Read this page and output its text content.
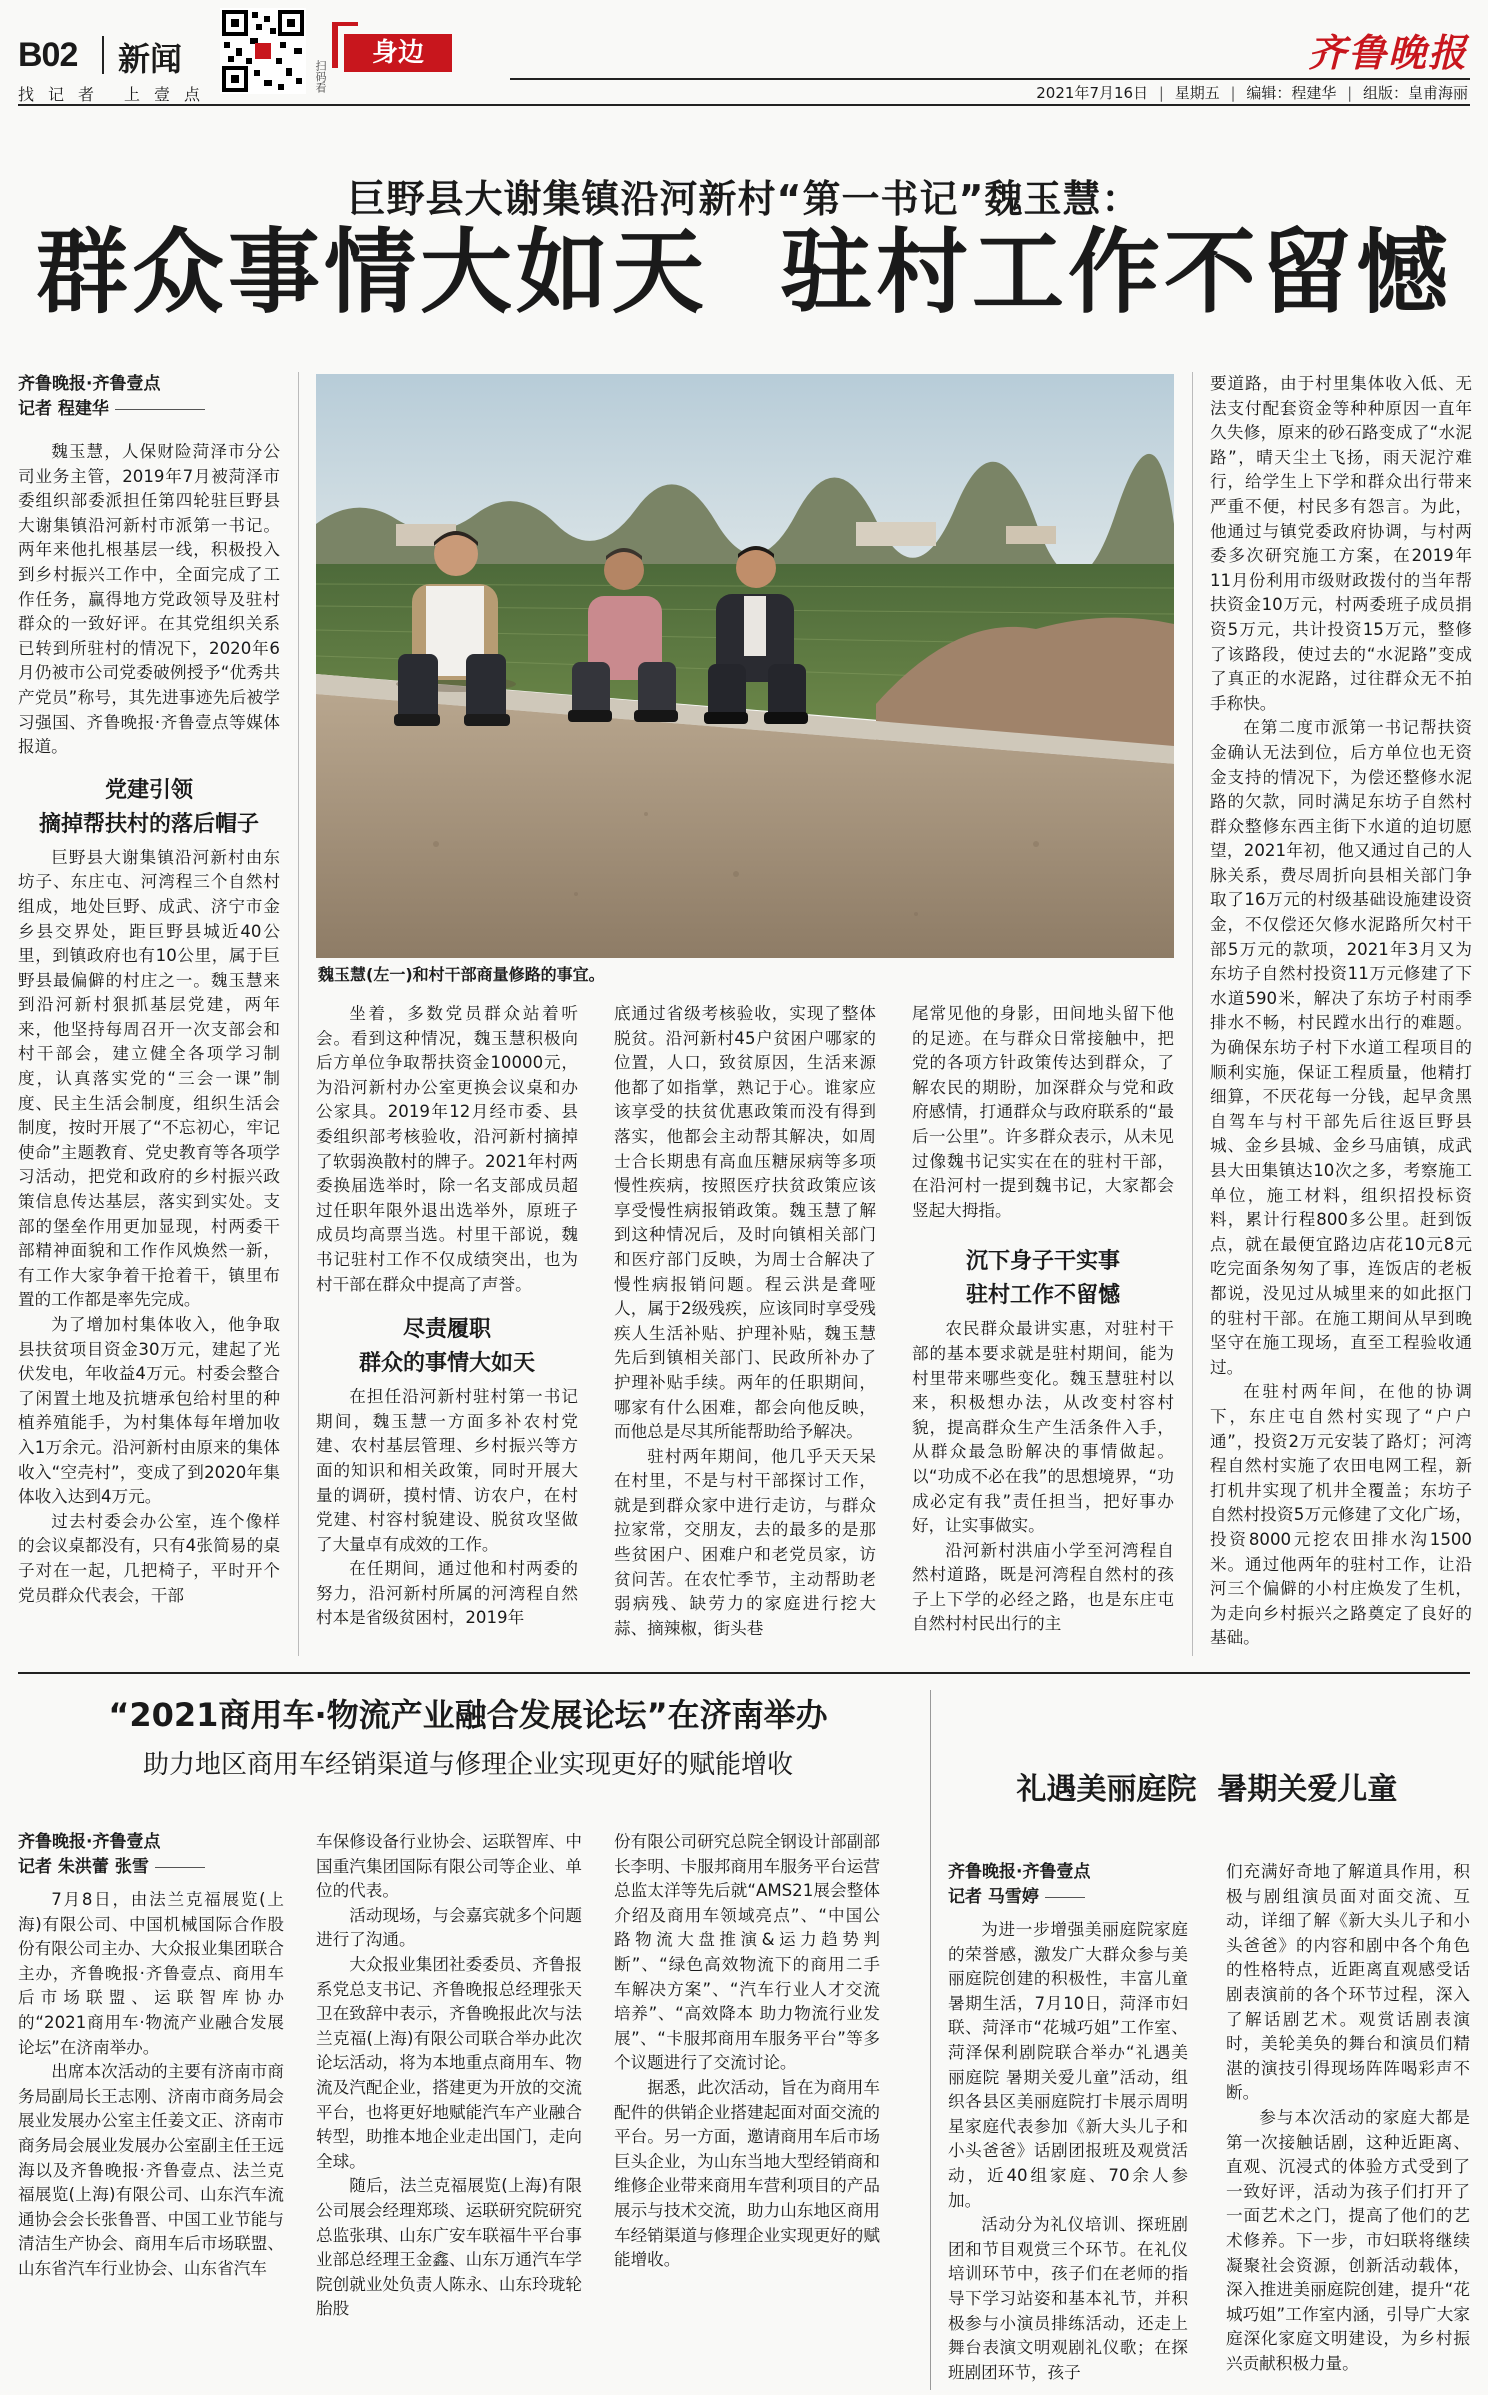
B02 新闻
找记者 上壹点
扫码看
身边	齐鲁晚报
2021年7月16日 | 星期五 | 编辑：程建华 | 组版：皇甫海丽
巨野县大谢集镇沿河新村“第一书记”魏玉慧：
群众事情大如天  驻村工作不留憾
齐鲁晚报·齐鲁壹点
记者 程建华
魏玉慧(左一)和村干部商量修路的事宜。

魏玉慧，人保财险菏泽市分公司业务主管，2019年7月被菏泽市委组织部委派担任第四轮驻巨野县大谢集镇沿河新村市派第一书记。两年来他扎根基层一线，积极投入到乡村振兴工作中，全面完成了工作任务，赢得地方党政领导及驻村群众的一致好评。在其党组织关系已转到所驻村的情况下，2020年6月仍被市公司党委破例授予“优秀共产党员”称号，其先进事迹先后被学习强国、齐鲁晚报·齐鲁壹点等媒体报道。

党建引领

摘掉帮扶村的落后帽子

巨野县大谢集镇沿河新村由东坊子、东庄屯、河湾程三个自然村组成，地处巨野、成武、济宁市金乡县交界处，距巨野县城近40公里，到镇政府也有10公里，属于巨野县最偏僻的村庄之一。魏玉慧来到沿河新村狠抓基层党建，两年来，他坚持每周召开一次支部会和村干部会，建立健全各项学习制度，认真落实党的“三会一课”制度、民主生活会制度，组织生活会制度，按时开展了“不忘初心，牢记使命”主题教育、党史教育等各项学习活动，把党和政府的乡村振兴政策信息传达基层，落实到实处。支部的堡垒作用更加显现，村两委干部精神面貌和工作作风焕然一新，有工作大家争着干抢着干，镇里布置的工作都是率先完成。

为了增加村集体收入，他争取县扶贫项目资金30万元，建起了光伏发电，年收益4万元。村委会整合了闲置土地及抗塘承包给村里的种植养殖能手，为村集体每年增加收入1万余元。沿河新村由原来的集体收入“空壳村”，变成了到2020年集体收入达到4万元。

过去村委会办公室，连个像样的会议桌都没有，只有4张简易的桌子对在一起，几把椅子，平时开个党员群众代表会，干部

坐着，多数党员群众站着听会。看到这种情况，魏玉慧积极向后方单位争取帮扶资金10000元，为沿河新村办公室更换会议桌和办公家具。2019年12月经市委、县委组织部考核验收，沿河新村摘掉了软弱涣散村的牌子。2021年村两委换届选举时，除一名支部成员超过任职年限外退出选举外，原班子成员均高票当选。村里干部说，魏书记驻村工作不仅成绩突出，也为村干部在群众中提高了声誉。

尽责履职

群众的事情大如天

在担任沿河新村驻村第一书记期间，魏玉慧一方面多补农村党建、农村基层管理、乡村振兴等方面的知识和相关政策，同时开展大量的调研，摸村情、访农户，在村党建、村容村貌建设、脱贫攻坚做了大量卓有成效的工作。

在任期间，通过他和村两委的努力，沿河新村所属的河湾程自然村本是省级贫困村，2019年

底通过省级考核验收，实现了整体脱贫。沿河新村45户贫困户哪家的位置，人口，致贫原因，生活来源他都了如指掌，熟记于心。谁家应该享受的扶贫优惠政策而没有得到落实，他都会主动帮其解决，如周士合长期患有高血压糖尿病等多项慢性疾病，按照医疗扶贫政策应该享受慢性病报销政策。魏玉慧了解到这种情况后，及时向镇相关部门和医疗部门反映，为周士合解决了慢性病报销问题。程云洪是聋哑人，属于2级残疾，应该同时享受残疾人生活补贴、护理补贴，魏玉慧先后到镇相关部门、民政所补办了护理补贴手续。两年的任职期间，哪家有什么困难，都会向他反映，而他总是尽其所能帮助给予解决。

驻村两年期间，他几乎天天呆在村里，不是与村干部探讨工作，就是到群众家中进行走访，与群众拉家常，交朋友，去的最多的是那些贫困户、困难户和老党员家，访贫问苦。在农忙季节，主动帮助老弱病残、缺劳力的家庭进行挖大蒜、摘辣椒，街头巷

尾常见他的身影，田间地头留下他的足迹。在与群众日常接触中，把党的各项方针政策传达到群众，了解农民的期盼，加深群众与党和政府感情，打通群众与政府联系的“最后一公里”。许多群众表示，从未见过像魏书记实实在在的驻村干部，在沿河村一提到魏书记，大家都会竖起大拇指。

沉下身子干实事

驻村工作不留憾

农民群众最讲实惠，对驻村干部的基本要求就是驻村期间，能为村里带来哪些变化。魏玉慧驻村以来，积极想办法，从改变村容村貌，提高群众生产生活条件入手，从群众最急盼解决的事情做起。以“功成不必在我”的思想境界，“功成必定有我”责任担当，把好事办好，让实事做实。

沿河新村洪庙小学至河湾程自然村道路，既是河湾程自然村的孩子上下学的必经之路，也是东庄屯自然村村民出行的主

要道路，由于村里集体收入低、无法支付配套资金等种种原因一直年久失修，原来的砂石路变成了“水泥路”，晴天尘土飞扬，雨天泥泞难行，给学生上下学和群众出行带来严重不便，村民多有怨言。为此，他通过与镇党委政府协调，与村两委多次研究施工方案，在2019年11月份利用市级财政拨付的当年帮扶资金10万元，村两委班子成员捐资5万元，共计投资15万元，整修了该路段，使过去的“水泥路”变成了真正的水泥路，过往群众无不拍手称快。

在第二度市派第一书记帮扶资金确认无法到位，后方单位也无资金支持的情况下，为偿还整修水泥路的欠款，同时满足东坊子自然村群众整修东西主街下水道的迫切愿望，2021年初，他又通过自己的人脉关系，费尽周折向县相关部门争取了16万元的村级基础设施建设资金，不仅偿还欠修水泥路所欠村干部5万元的款项，2021年3月又为东坊子自然村投资11万元修建了下水道590米，解决了东坊子村雨季排水不畅，村民蹚水出行的难题。为确保东坊子村下水道工程项目的顺利实施，保证工程质量，他精打细算，不厌花每一分钱，起早贪黑自驾车与村干部先后往返巨野县城、金乡县城、金乡马庙镇，成武县大田集镇达10次之多，考察施工单位，施工材料，组织招投标资料，累计行程800多公里。赶到饭点，就在最便宜路边店花10元8元吃完面条匆匆了事，连饭店的老板都说，没见过从城里来的如此抠门的驻村干部。在施工期间从早到晚坚守在施工现场，直至工程验收通过。

在驻村两年间，在他的协调下，东庄屯自然村实现了“户户通”，投资2万元安装了路灯；河湾程自然村实施了农田电网工程，新打机井实现了机井全覆盖；东坊子自然村投资5万元修建了文化广场，投资8000元挖农田排水沟1500米。通过他两年的驻村工作，让沿河三个偏僻的小村庄焕发了生机，为走向乡村振兴之路奠定了良好的基础。

“2021商用车·物流产业融合发展论坛”在济南举办
助力地区商用车经销渠道与修理企业实现更好的赋能增收
齐鲁晚报·齐鲁壹点
记者 朱洪蕾 张雪

7月8日，由法兰克福展览(上海)有限公司、中国机械国际合作股份有限公司主办、大众报业集团联合主办，齐鲁晚报·齐鲁壹点、商用车后市场联盟、运联智库协办的“2021商用车·物流产业融合发展论坛”在济南举办。

出席本次活动的主要有济南市商务局副局长王志刚、济南市商务局会展业发展办公室主任姜文正、济南市商务局会展业发展办公室副主任王远海以及齐鲁晚报·齐鲁壹点、法兰克福展览(上海)有限公司、山东汽车流通协会会长张鲁晋、中国工业节能与清洁生产协会、商用车后市场联盟、山东省汽车行业协会、山东省汽车

车保修设备行业协会、运联智库、中国重汽集团国际有限公司等企业、单位的代表。

活动现场，与会嘉宾就多个问题进行了沟通。

大众报业集团社委委员、齐鲁报系党总支书记、齐鲁晚报总经理张天卫在致辞中表示，齐鲁晚报此次与法兰克福(上海)有限公司联合举办此次论坛活动，将为本地重点商用车、物流及汽配企业，搭建更为开放的交流平台，也将更好地赋能汽车产业融合转型，助推本地企业走出国门，走向全球。

随后，法兰克福展览(上海)有限公司展会经理郑琰、运联研究院研究总监张琪、山东广安车联福牛平台事业部总经理王金鑫、山东万通汽车学院创就业处负责人陈永、山东玲珑轮胎股

份有限公司研究总院全钢设计部副部长李明、卡服邦商用车服务平台运营总监太洋等先后就“AMS21展会整体介绍及商用车领域亮点”、“中国公路物流大盘推演&运力趋势判断”、“绿色高效物流下的商用二手车解决方案”、“汽车行业人才交流培养”、“高效降本 助力物流行业发展”、“卡服邦商用车服务平台”等多个议题进行了交流讨论。

据悉，此次活动，旨在为商用车配件的供销企业搭建起面对面交流的平台。另一方面，邀请商用车后市场巨头企业，为山东当地大型经销商和维修企业带来商用车营利项目的产品展示与技术交流，助力山东地区商用车经销渠道与修理企业实现更好的赋能增收。

礼遇美丽庭院  暑期关爱儿童
齐鲁晚报·齐鲁壹点
记者 马雪婷

为进一步增强美丽庭院家庭的荣誉感，激发广大群众参与美丽庭院创建的积极性，丰富儿童暑期生活，7月10日，菏泽市妇联、菏泽市“花城巧姐”工作室、菏泽保利剧院联合举办“礼遇美丽庭院 暑期关爱儿童”活动，组织各县区美丽庭院打卡展示周明星家庭代表参加《新大头儿子和小头爸爸》话剧团报班及观赏活动，近40组家庭、70余人参加。

活动分为礼仪培训、探班剧团和节目观赏三个环节。在礼仪培训环节中，孩子们在老师的指导下学习站姿和基本礼节，并积极参与小演员排练活动，还走上舞台表演文明观剧礼仪歌；在探班剧团环节，孩子

们充满好奇地了解道具作用，积极与剧组演员面对面交流、互动，详细了解《新大头儿子和小头爸爸》的内容和剧中各个角色的性格特点，近距离直观感受话剧表演前的各个环节过程，深入了解话剧艺术。观赏话剧表演时，美轮美奂的舞台和演员们精湛的演技引得现场阵阵喝彩声不断。

参与本次活动的家庭大都是第一次接触话剧，这种近距离、直观、沉浸式的体验方式受到了一致好评，活动为孩子们打开了一面艺术之门，提高了他们的艺术修养。下一步，市妇联将继续凝聚社会资源，创新活动载体，深入推进美丽庭院创建，提升“花城巧姐”工作室内涵，引导广大家庭深化家庭文明建设，为乡村振兴贡献积极力量。
